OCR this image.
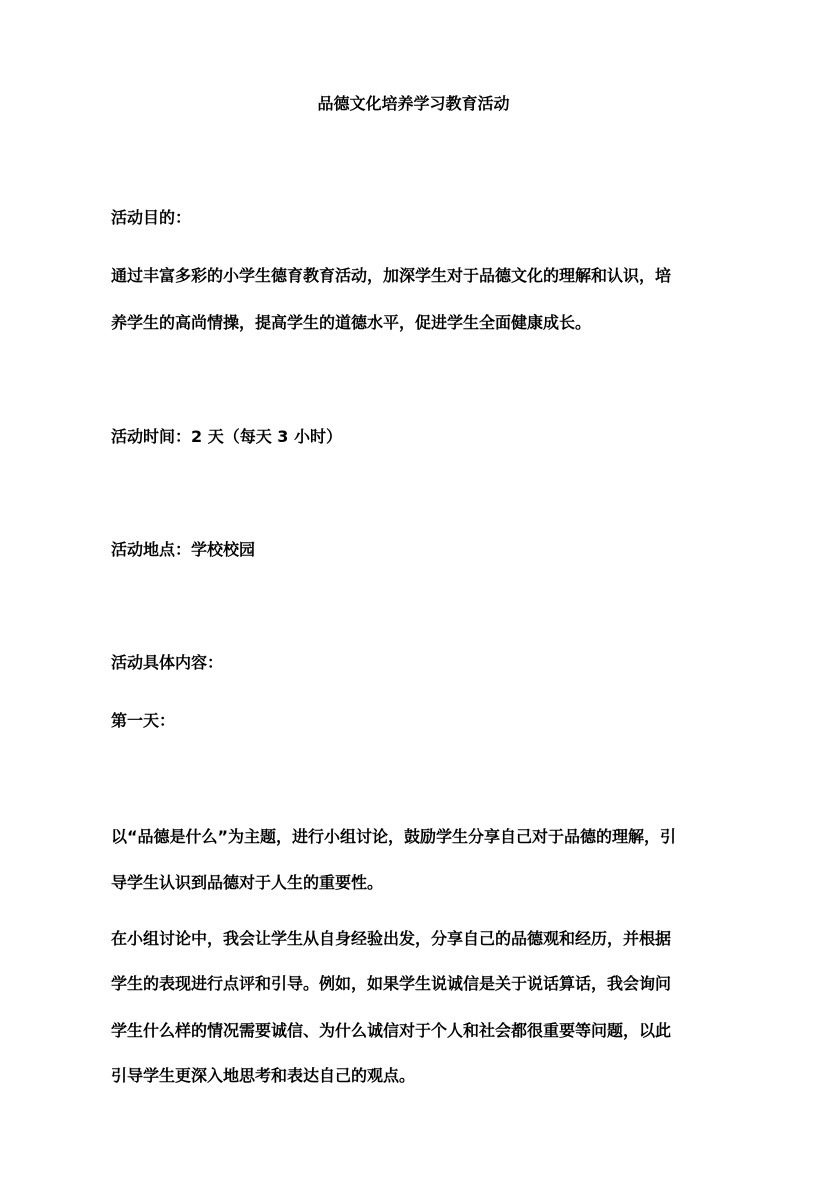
品德文化培养学习教育活动
活动目的：
通过丰富多彩的小学生德育教育活动，加深学生对于品德文化的理解和认识，培
养学生的高尚情操，提高学生的道德水平，促进学生全面健康成长。
活动时间：2 天（每天 3 小时）
活动地点：学校校园
活动具体内容：
第一天：
以“品德是什么”为主题，进行小组讨论，鼓励学生分享自己对于品德的理解，引
导学生认识到品德对于人生的重要性。
在小组讨论中，我会让学生从自身经验出发，分享自己的品德观和经历，并根据
学生的表现进行点评和引导。例如，如果学生说诚信是关于说话算话，我会询问
学生什么样的情况需要诚信、为什么诚信对于个人和社会都很重要等问题，以此
引导学生更深入地思考和表达自己的观点。
